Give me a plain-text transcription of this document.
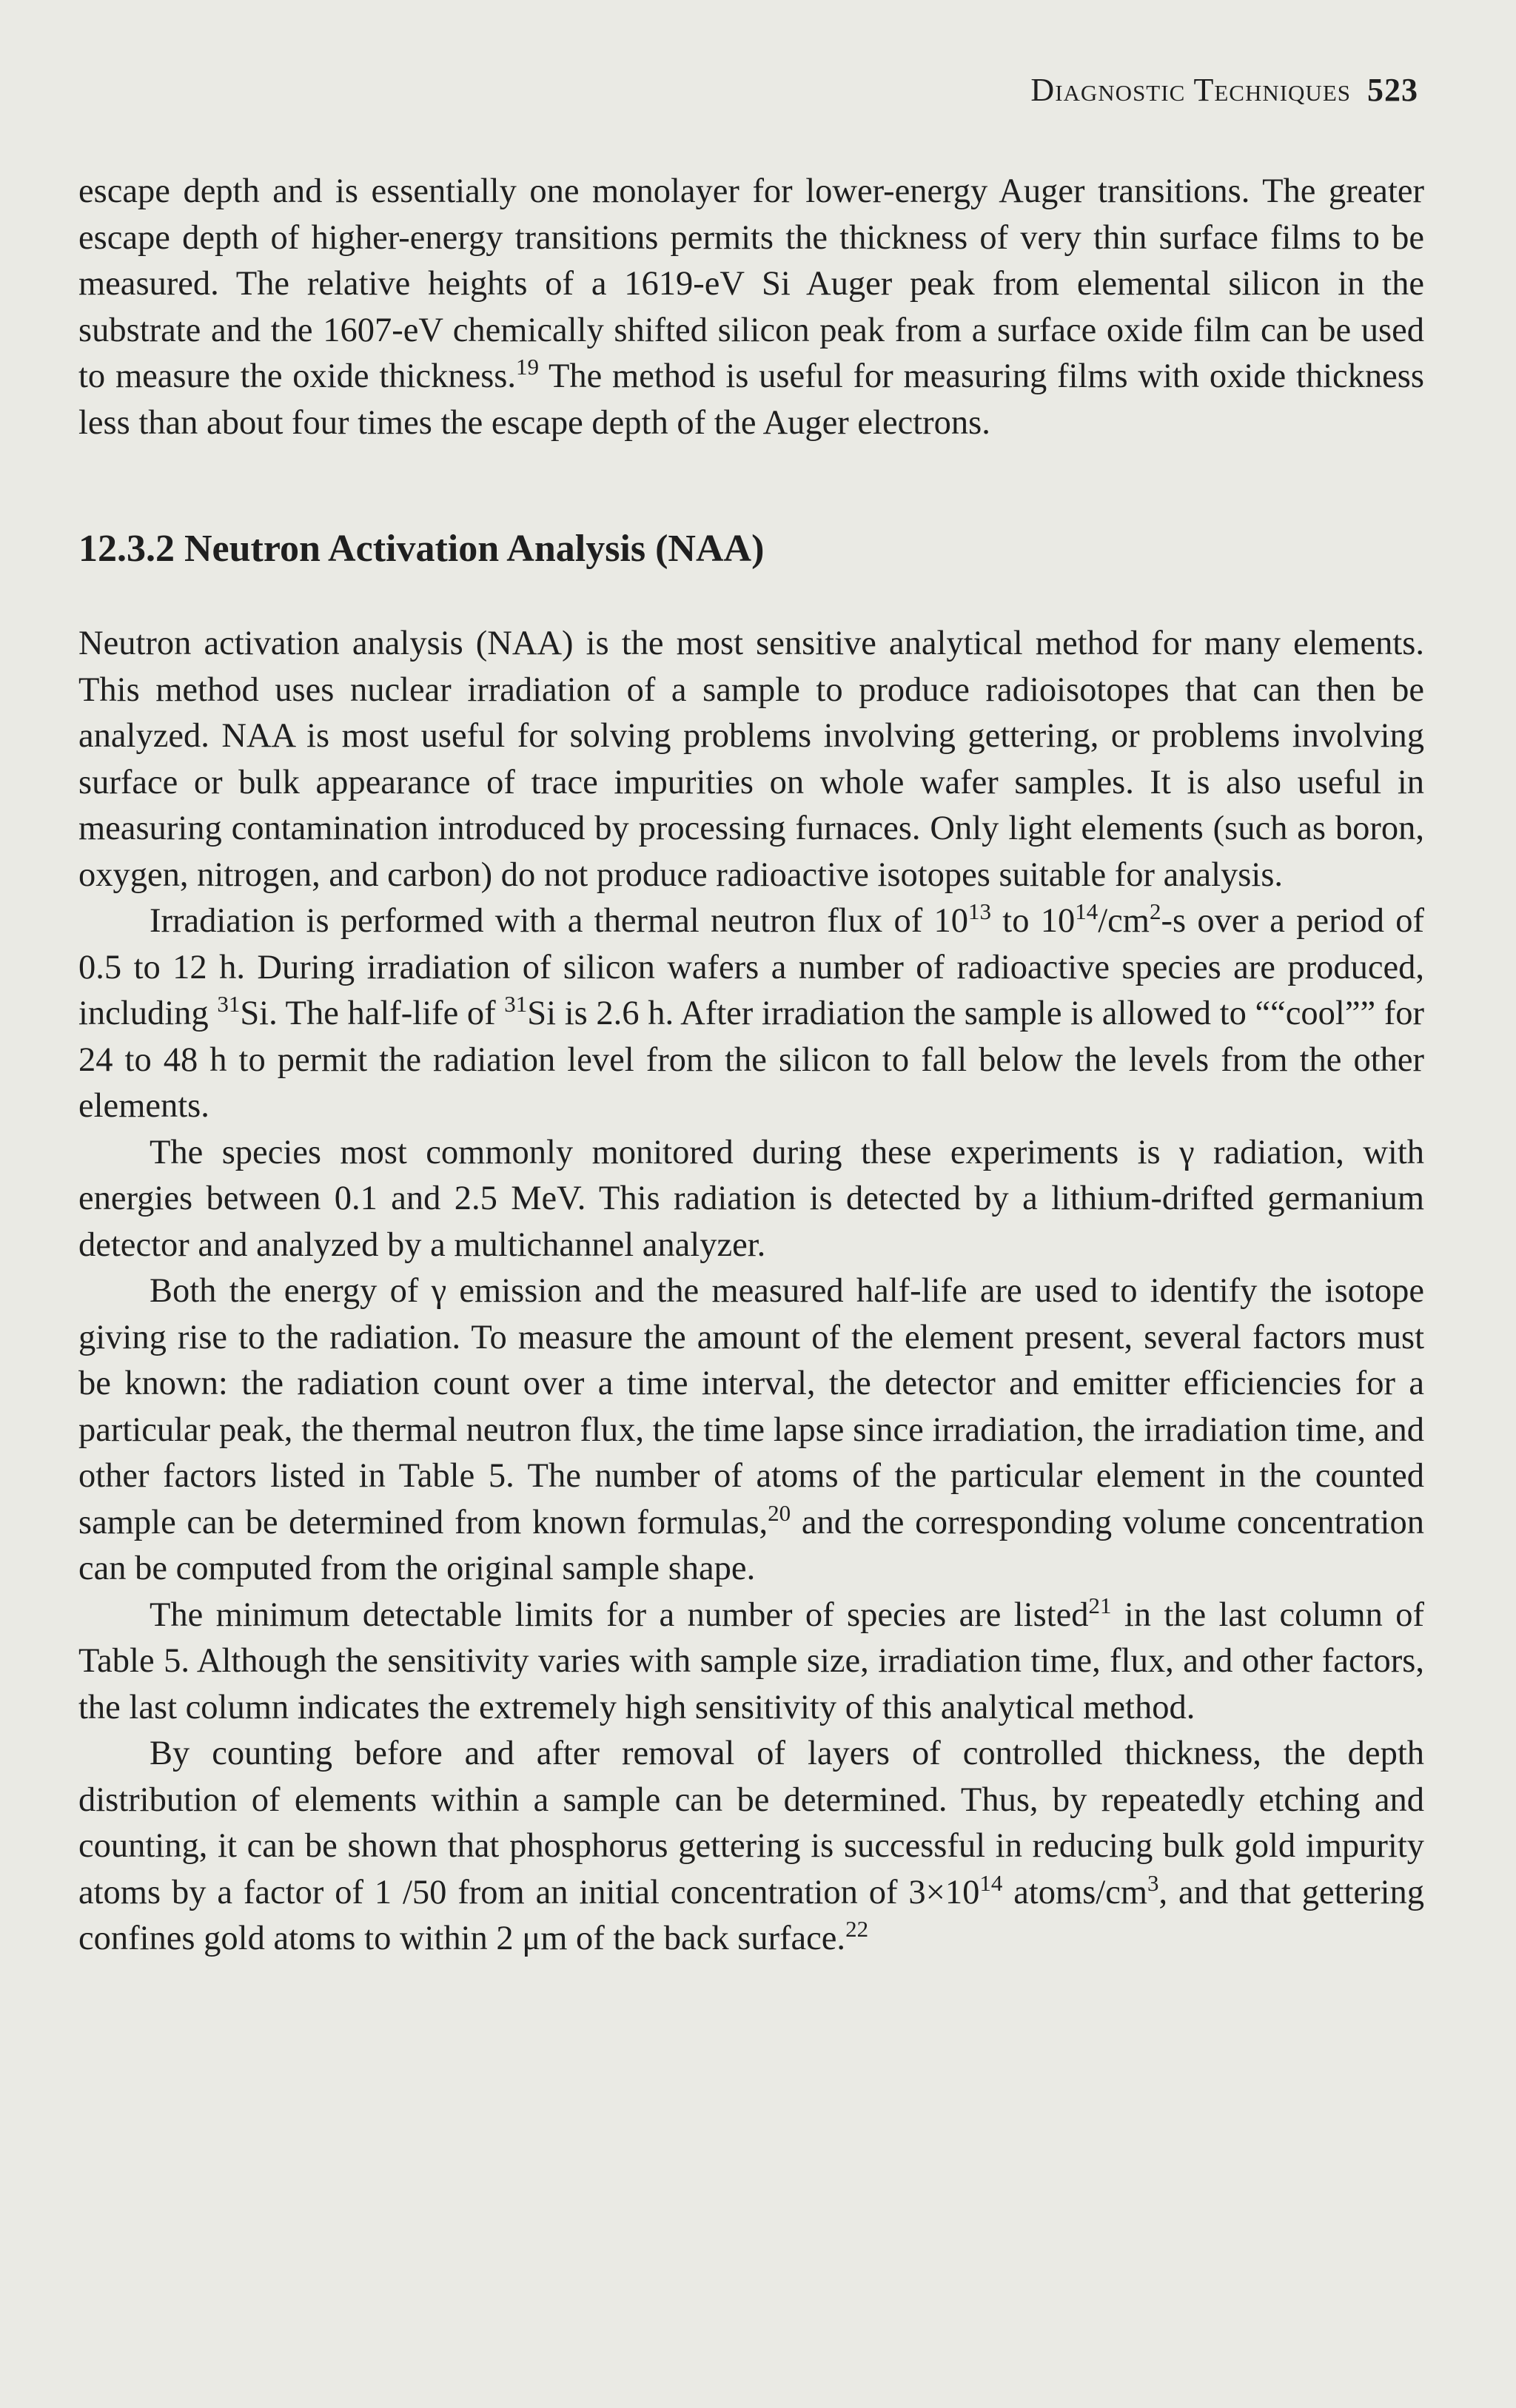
Diagnostic Techniques 523

escape depth and is essentially one monolayer for lower-energy Auger transitions. The greater escape depth of higher-energy transitions permits the thickness of very thin surface films to be measured. The relative heights of a 1619-eV Si Auger peak from elemental silicon in the substrate and the 1607-eV chemically shifted silicon peak from a surface oxide film can be used to measure the oxide thickness.$^{19}$ The method is useful for measuring films with oxide thickness less than about four times the escape depth of the Auger electrons.

12.3.2 Neutron Activation Analysis (NAA)

Neutron activation analysis (NAA) is the most sensitive analytical method for many elements. This method uses nuclear irradiation of a sample to produce radioisotopes that can then be analyzed. NAA is most useful for solving problems involving gettering, or problems involving surface or bulk appearance of trace impurities on whole wafer samples. It is also useful in measuring contamination introduced by processing furnaces. Only light elements (such as boron, oxygen, nitrogen, and carbon) do not produce radioactive isotopes suitable for analysis.

Irradiation is performed with a thermal neutron flux of $10^{13}$ to $10^{14}/cm^2-s$ over a period of 0.5 to 12 h. During irradiation of silicon wafers a number of radioactive species are produced, including $^{31}$Si. The half-life of $^{31}$Si is 2.6 h. After irradiation the sample is allowed to ““cool”” for 24 to 48 h to permit the radiation level from the silicon to fall below the levels from the other elements.

The species most commonly monitored during these experiments is γ radiation, with energies between 0.1 and 2.5 MeV. This radiation is detected by a lithium-drifted germanium detector and analyzed by a multichannel analyzer.

Both the energy of γ emission and the measured half-life are used to identify the isotope giving rise to the radiation. To measure the amount of the element present, several factors must be known: the radiation count over a time interval, the detector and emitter efficiencies for a particular peak, the thermal neutron flux, the time lapse since irradiation, the irradiation time, and other factors listed in Table 5. The number of atoms of the particular element in the counted sample can be determined from known formulas,$^{20}$ and the corresponding volume concentration can be computed from the original sample shape.

The minimum detectable limits for a number of species are listed$^{21}$ in the last column of Table 5. Although the sensitivity varies with sample size, irradiation time, flux, and other factors, the last column indicates the extremely high sensitivity of this analytical method.

By counting before and after removal of layers of controlled thickness, the depth distribution of elements within a sample can be determined. Thus, by repeatedly etching and counting, it can be shown that phosphorus gettering is successful in reducing bulk gold impurity atoms by a factor of 1 /50 from an initial concentration of $3\times 10^{14}$ atoms/$cm^3$, and that gettering confines gold atoms to within 2 μm of the back surface.$^{22}$
